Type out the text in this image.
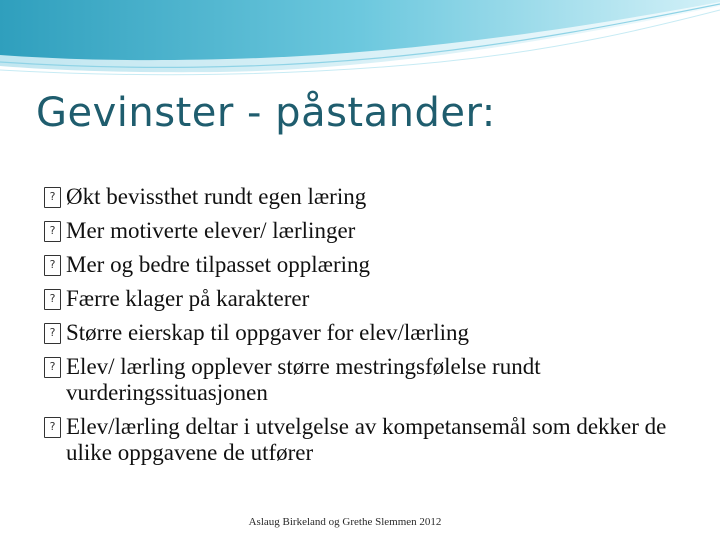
Gevinster - påstander:
? Økt bevissthet rundt egen læring
? Mer motiverte elever/ lærlinger
? Mer og bedre tilpasset opplæring
? Færre klager på karakterer
? Større eierskap til oppgaver for elev/lærling
? Elev/ lærling opplever større mestringsfølelse rundt vurderingssituasjonen
? Elev/lærling deltar i utvelgelse av kompetansemål som dekker de ulike oppgavene de utfører
Aslaug Birkeland og Grethe Slemmen 2012
